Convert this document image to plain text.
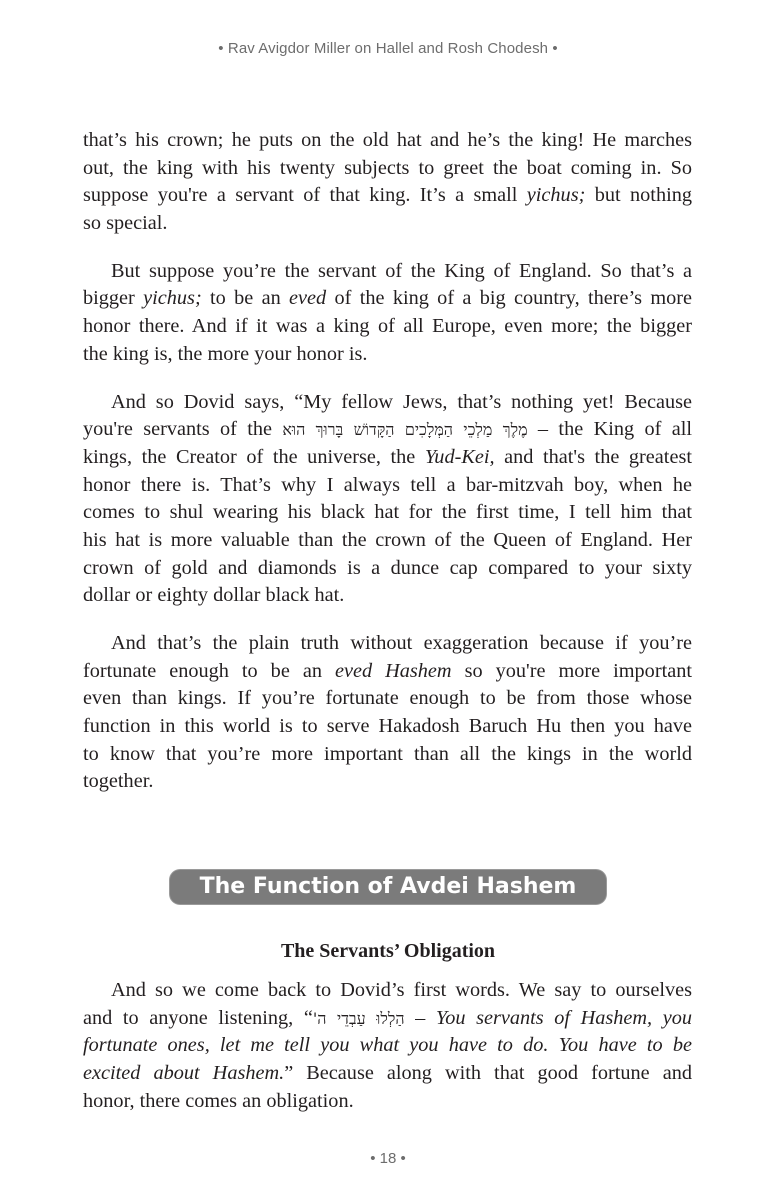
• Rav Avigdor Miller on Hallel and Rosh Chodesh •
that’s his crown; he puts on the old hat and he’s the king! He marches
out, the king with his twenty subjects to greet the boat coming in. So
suppose you're a servant of that king. It’s a small yichus; but nothing
so special.
But suppose you’re the servant of the King of England. So that’s a
bigger yichus; to be an eved of the king of a big country, there’s more
honor there. And if it was a king of all Europe, even more; the bigger
the king is, the more your honor is.
And so Dovid says, “My fellow Jews, that’s nothing yet! Because
you're servants of the מֶלֶךְ מַלְכֵי הַמְּלָכִים הַקָּדוֹשׁ בָּרוּךְ הוּא – the King of all
kings, the Creator of the universe, the Yud-Kei, and that's the greatest
honor there is. That’s why I always tell a bar-mitzvah boy, when he
comes to shul wearing his black hat for the first time, I tell him that
his hat is more valuable than the crown of the Queen of England. Her
crown of gold and diamonds is a dunce cap compared to your sixty
dollar or eighty dollar black hat.
And that’s the plain truth without exaggeration because if you’re
fortunate enough to be an eved Hashem so you're more important
even than kings. If you’re fortunate enough to be from those whose
function in this world is to serve Hakadosh Baruch Hu then you have
to know that you’re more important than all the kings in the world
together.
The Function of Avdei Hashem
The Servants’ Obligation
And so we come back to Dovid’s first words. We say to ourselves
and to anyone listening, “הַלְלוּ עַבְדֵי ה' – You servants of Hashem, you
fortunate ones, let me tell you what you have to do. You have to be
excited about Hashem.” Because along with that good fortune and
honor, there comes an obligation.
• 18 •
